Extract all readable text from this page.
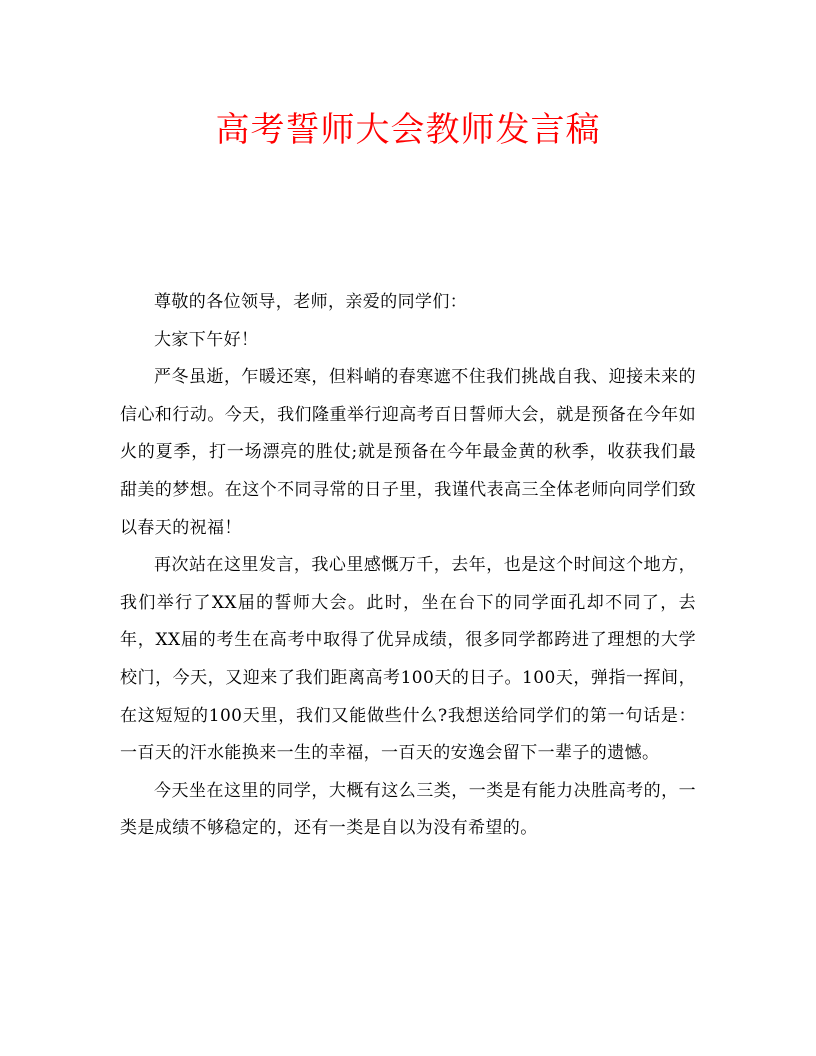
高考誓师大会教师发言稿

尊敬的各位领导，老师，亲爱的同学们：

大家下午好！

严冬虽逝，乍暖还寒，但料峭的春寒遮不住我们挑战自我、迎接未来的信心和行动。今天，我们隆重举行迎高考百日誓师大会，就是预备在今年如火的夏季，打一场漂亮的胜仗;就是预备在今年最金黄的秋季，收获我们最甜美的梦想。在这个不同寻常的日子里，我谨代表高三全体老师向同学们致以春天的祝福！

再次站在这里发言，我心里感慨万千，去年，也是这个时间这个地方，我们举行了XX届的誓师大会。此时，坐在台下的同学面孔却不同了，去年，XX届的考生在高考中取得了优异成绩，很多同学都跨进了理想的大学校门，今天，又迎来了我们距离高考100天的日子。100天，弹指一挥间，在这短短的100天里，我们又能做些什么?我想送给同学们的第一句话是：一百天的汗水能换来一生的幸福，一百天的安逸会留下一辈子的遗憾。

今天坐在这里的同学，大概有这么三类，一类是有能力决胜高考的，一类是成绩不够稳定的，还有一类是自以为没有希望的。
